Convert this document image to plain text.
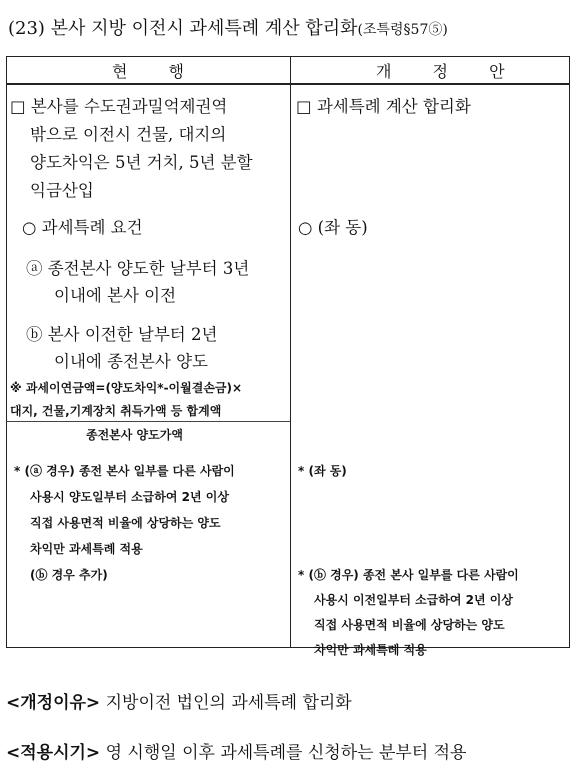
(23) 본사 지방 이전시 과세특례 계산 합리화(조특령§57⑤)
현 행	개 정 안
□ 본사를 수도권과밀억제권역
밖으로 이전시 건물, 대지의
양도차익은 5년 거치, 5년 분할
익금산입
○ 과세특례 요건
ⓐ 종전본사 양도한 날부터 3년
이내에 본사 이전
ⓑ 본사 이전한 날부터 2년
이내에 종전본사 양도
※ 과세이연금액=(양도차익*-이월결손금)×
대지, 건물,기계장치 취득가액 등 합계액
종전본사 양도가액
* (ⓐ 경우) 종전 본사 일부를 다른 사람이
사용시 양도일부터 소급하여 2년 이상
직접 사용면적 비율에 상당하는 양도
차익만 과세특례 적용
(ⓑ 경우 추가)
□ 과세특례 계산 합리화
○ (좌 동)
* (좌 동)
* (ⓑ 경우) 종전 본사 일부를 다른 사람이
사용시 이전일부터 소급하여 2년 이상
직접 사용면적 비율에 상당하는 양도
차익만 과세특례 적용
<개정이유> 지방이전 법인의 과세특례 합리화
<적용시기> 영 시행일 이후 과세특례를 신청하는 분부터 적용
